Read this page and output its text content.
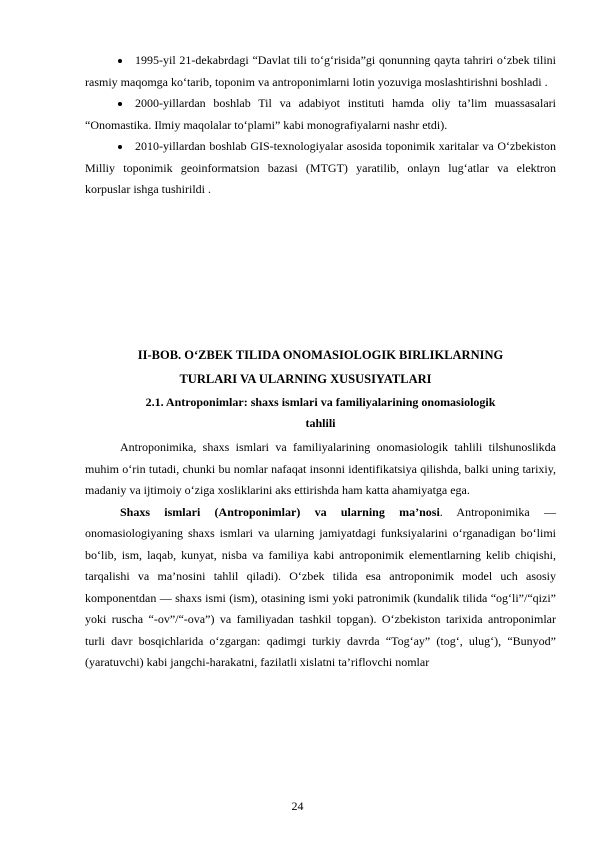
1995-yil 21-dekabrdagi “Davlat tili to‘g‘risida”gi qonunning qayta tahriri o‘zbek tilini rasmiy maqomga ko‘tarib, toponim va antroponimlarni lotin yozuviga moslashtirishni boshladi .
2000-yillardan boshlab Til va adabiyot instituti hamda oliy ta’lim muassasalari “Onomastika. Ilmiy maqolalar to‘plami” kabi monografiyalarni nashr etdi).
2010-yillardan boshlab GIS-texnologiyalar asosida toponimik xaritalar va O‘zbekiston Milliy toponimik geoinformatsion bazasi (MTGT) yaratilib, onlayn lug‘atlar va elektron korpuslar ishga tushirildi .
II-BOB. O‘ZBEK TILIDA ONOMASIOLOGIK BIRLIKLARNING
TURLARI VA ULARNING XUSUSIYATLARI
2.1. Antroponimlar: shaxs ismlari va familiyalarining onomasiologik
tahlili

Antroponimika, shaxs ismlari va familiyalarining onomasiologik tahlili tilshunoslikda muhim o‘rin tutadi, chunki bu nomlar nafaqat insonni identifikatsiya qilishda, balki uning tarixiy, madaniy va ijtimoiy o‘ziga xosliklarini aks ettirishda ham katta ahamiyatga ega.

Shaxs ismlari (Antroponimlar) va ularning ma’nosi. Antroponimika — onomasiologiyaning shaxs ismlari va ularning jamiyatdagi funksiyalarini o‘rganadigan bo‘limi bo‘lib, ism, laqab, kunyat, nisba va familiya kabi antroponimik elementlarning kelib chiqishi, tarqalishi va ma’nosini tahlil qiladi). O‘zbek tilida esa antroponimik model uch asosiy komponentdan — shaxs ismi (ism), otasining ismi yoki patronimik (kundalik tilida “og‘li”/“qizi” yoki ruscha “-ov”/“-ova”) va familiyadan tashkil topgan). O‘zbekiston tarixida antroponimlar turli davr bosqichlarida o‘zgargan: qadimgi turkiy davrda “Tog‘ay” (tog‘, ulug‘), “Bunyod” (yaratuvchi) kabi jangchi-harakatni, fazilatli xislatni ta’riflovchi nomlar

24
